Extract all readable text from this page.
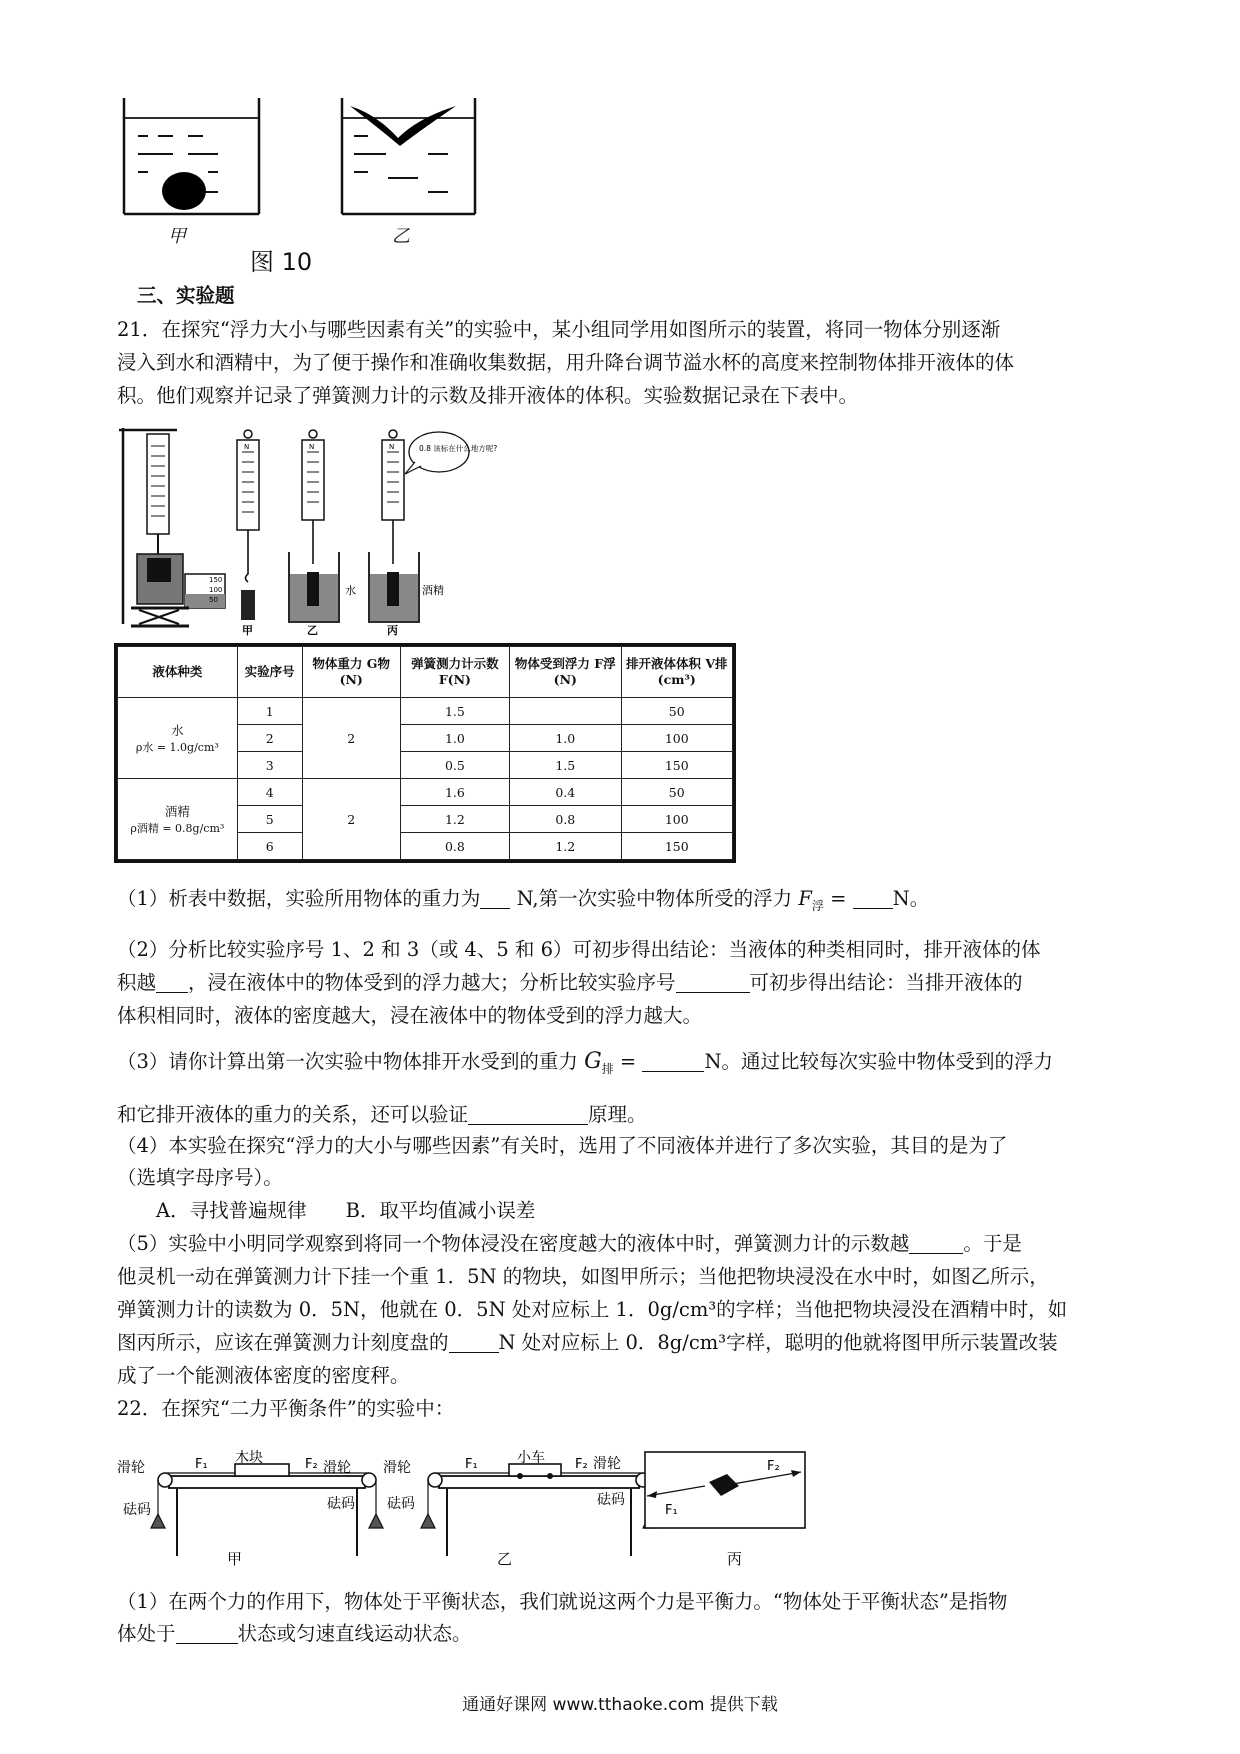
甲	乙
图 10
三、实验题
21．在探究“浮力大小与哪些因素有关”的实验中，某小组同学用如图所示的装置，将同一物体分别逐渐
浸入到水和酒精中，为了便于操作和准确收集数据，用升降台调节溢水杯的高度来控制物体排开液体的体
积。他们观察并记录了弹簧测力计的示数及排开液体的体积。实验数据记录在下表中。
水	酒精
0.8 该标在什么地方呢?
N	N	N
150
100
50
甲	乙	丙
液体种类	实验序号	物体重力 G物(N)	弹簧测力计示数 F(N)	物体受到浮力 F浮(N)	排开液体体积 V排(cm³)

水
ρ水 = 1.0g/cm³	1	2	1.5		50
	2		1.0	1.0	100
	3		0.5	1.5	150

酒精
ρ酒精 = 0.8g/cm³	4	2	1.6	0.4	50
	5		1.2	0.8	100
	6		0.8	1.2	150
（1）析表中数据，实验所用物体的重力为 N,第一次实验中物体所受的浮力 $F_浮 = N$。
（2）分析比较实验序号 1、2 和 3（或 4、5 和 6）可初步得出结论：当液体的种类相同时，排开液体的体
积越 ，浸在液体中的物体受到的浮力越大；分析比较实验序号	可初步得出结论：当排开液体的
体积相同时，液体的密度越大，浸在液体中的物体受到的浮力越大。
（3）请你计算出第一次实验中物体排开水受到的重力 $G_排$ =	N。通过比较每次实验中物体受到的浮力
和它排开液体的重力的关系，还可以验证	原理。
（4）本实验在探究“浮力的大小与哪些因素”有关时，选用了不同液体并进行了多次实验，其目的是为了
（选填字母序号）。
A．寻找普遍规律　　B．取平均值减小误差
（5）实验中小明同学观察到将同一个物体浸没在密度越大的液体中时，弹簧测力计的示数越	。于是
他灵机一动在弹簧测力计下挂一个重 1．5N 的物块，如图甲所示；当他把物块浸没在水中时，如图乙所示，
弹簧测力计的读数为 0．5N，他就在 0．5N 处对应标上 1．0g/cm³的字样；当他把物块浸没在酒精中时，如
图丙所示，应该在弹簧测力计刻度盘的	N 处对应标上 0．8g/cm³字样，聪明的他就将图甲所示装置改装
成了一个能测液体密度的密度秤。
22．在探究“二力平衡条件”的实验中：
木块	小车
F₁	F₂	F₁	F₂
F₁
F₂
滑轮	滑轮 滑轮	滑轮
砝码	砝码 砝码	砝码
甲	乙	丙
（1）在两个力的作用下，物体处于平衡状态，我们就说这两个力是平衡力。“物体处于平衡状态”是指物
体处于	状态或匀速直线运动状态。
通通好课网 www.tthaoke.com 提供下载
